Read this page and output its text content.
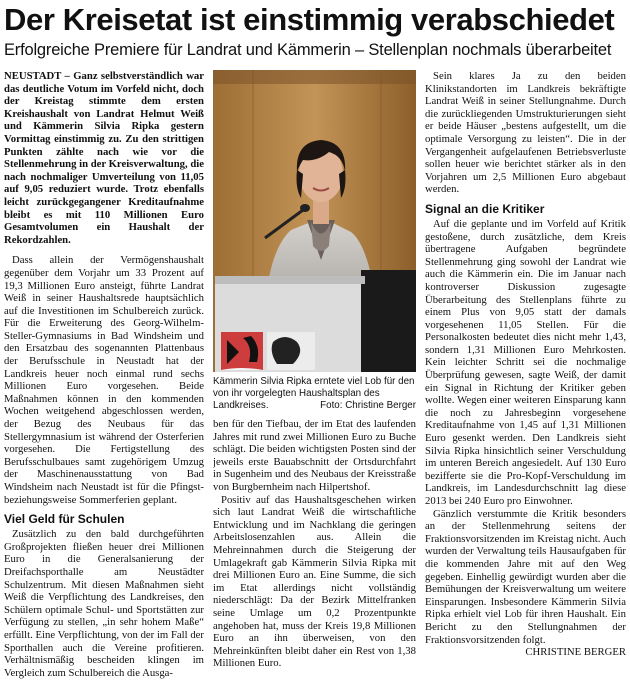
Der Kreisetat ist einstimmig verabschiedet
Erfolgreiche Premiere für Landrat und Kämmerin – Stellenplan nochmals überarbeitet

NEUSTADT – Ganz selbstverständlich war das deutliche Votum im Vorfeld nicht, doch der Kreistag stimmte dem ersten Kreishaushalt von Landrat Helmut Weiß und Kämmerin Silvia Ripka gestern Vormittag einstimmig zu. Zu den strittigen Punkten zählte nach wie vor die Stellenmehrung in der Kreisverwaltung, die nach nochmaliger Umverteilung von 11,05 auf 9,05 reduziert wurde. Trotz ebenfalls leicht zurückgegangener Kreditaufnahme bleibt es mit 110 Millionen Euro Gesamtvolumen ein Haushalt der Rekordzahlen.

Dass allein der Vermögenshaushalt gegenüber dem Vorjahr um 33 Prozent auf 19,3 Millionen Euro ansteigt, führte Landrat Weiß in seiner Haushaltsrede hauptsächlich auf die Investitionen im Schulbereich zurück. Für die Erweiterung des Georg-Wilhelm-Steller-Gymnasiums in Bad Windsheim und den Ersatzbau des sogenannten Plattenbaus der Berufsschule in Neustadt hat der Landkreis heuer noch einmal rund sechs Millionen Euro vorgesehen. Beide Maßnahmen können in den kommenden Wochen weitgehend abgeschlossen werden, der Bezug des Neubaus für das Stellergymnasium ist während der Osterferien vorgesehen. Die Fertigstellung des Berufsschulbaues samt zugehörigem Umzug der Maschinenausstattung von Bad Windsheim nach Neustadt ist für die Pfingst- beziehungsweise Sommerferien geplant.

Viel Geld für Schulen

Zusätzlich zu den bald durchgeführten Großprojekten fließen heuer drei Millionen Euro in die Generalsanierung der Dreifachsporthalle am Neustädter Schulzentrum. Mit diesen Maßnahmen sieht Weiß die Verpflichtung des Landkreises, den Schülern optimale Schul- und Sportstätten zur Verfügung zu stellen, „in sehr hohem Maße“ erfüllt. Eine Verpflichtung, von der im Fall der Sporthallen auch die Vereine profitieren. Verhältnismäßig bescheiden klingen im Vergleich zum Schulbereich die Ausga-

Kämmerin Silvia Ripka erntete viel Lob für den von ihr vorgelegten Haushaltsplan des Landkreises.	Foto: Christine Berger

ben für den Tiefbau, der im Etat des laufenden Jahres mit rund zwei Millionen Euro zu Buche schlägt. Die beiden wichtigsten Posten sind der jeweils erste Bauabschnitt der Ortsdurchfahrt in Sugenheim und des Neubaus der Kreisstraße von Burgbernheim nach Hilpertshof.

Positiv auf das Haushaltsgeschehen wirken sich laut Landrat Weiß die wirtschaftliche Entwicklung und im Nachklang die geringen Arbeitslosenzahlen aus. Allein die Mehreinnahmen durch die Steigerung der Umlagekraft gab Kämmerin Silvia Ripka mit drei Millionen Euro an. Eine Summe, die sich im Etat allerdings nicht vollständig niederschlägt: Da der Bezirk Mittelfranken seine Umlage um 0,2 Prozentpunkte angehoben hat, muss der Kreis 19,8 Millionen Euro an ihn überweisen, von den Mehreinkünften bleibt daher ein Rest von 1,38 Millionen Euro.

Sein klares Ja zu den beiden Klinikstandorten im Landkreis bekräftigte Landrat Weiß in seiner Stellungnahme. Durch die zurückliegenden Umstrukturierungen sieht er beide Häuser „bestens aufgestellt, um die optimale Versorgung zu leisten“. Die in der Vergangenheit aufgelaufenen Betriebsverluste sollen heuer wie berichtet stärker als in den Vorjahren um 2,5 Millionen Euro abgebaut werden.

Signal an die Kritiker

Auf die geplante und im Vorfeld auf Kritik gestoßene, durch zusätzliche, dem Kreis übertragene Aufgaben begründete Stellenmehrung ging sowohl der Landrat wie auch die Kämmerin ein. Die im Januar nach kontroverser Diskussion zugesagte Überarbeitung des Stellenplans führte zu einem Plus von 9,05 statt der damals vorgesehenen 11,05 Stellen. Für die Personalkosten bedeutet dies nicht mehr 1,43, sondern 1,31 Millionen Euro Mehrkosten. Kein leichter Schritt sei die nochmalige Überprüfung gewesen, sagte Weiß, der damit ein Signal in Richtung der Kritiker geben wollte. Wegen einer weiteren Einsparung kann die noch zu Jahresbeginn vorgesehene Kreditaufnahme von 1,45 auf 1,31 Millionen Euro gesenkt werden. Den Landkreis sieht Silvia Ripka hinsichtlich seiner Verschuldung im unteren Bereich angesiedelt. Auf 130 Euro bezifferte sie die Pro-Kopf-Verschuldung im Landkreis, im Landesdurchschnitt lag diese 2013 bei 240 Euro pro Einwohner.

Gänzlich verstummte die Kritik besonders an der Stellenmehrung seitens der Fraktionsvorsitzenden im Kreistag nicht. Auch wurden der Verwaltung teils Hausaufgaben für die kommenden Jahre mit auf den Weg gegeben. Einhellig gewürdigt wurden aber die Bemühungen der Kreisverwaltung um weitere Einsparungen. Insbesondere Kämmerin Silvia Ripka erhielt viel Lob für ihren Haushalt. Ein Bericht zu den Stellungnahmen der Fraktionsvorsitzenden folgt.
CHRISTINE BERGER
